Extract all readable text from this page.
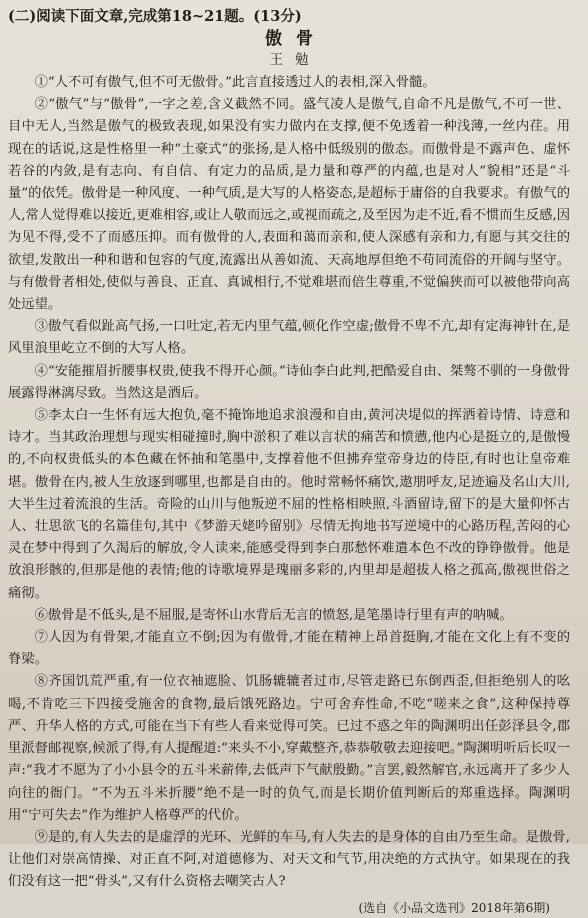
(二)阅读下面文章,完成第18~21题。(13分)
傲骨
王勉

①“人不可有傲气,但不可无傲骨。”此言直接透过人的表相,深入骨髓。

②“傲气”与“傲骨”,一字之差,含义截然不同。盛气凌人是傲气,自命不凡是傲气,不可一世、目中无人,当然是傲气的极致表现,如果没有实力做内在支撑,便不免透着一种浅薄,一丝内荏。用现在的话说,这是性格里一种“土豪式”的张扬,是人格中低级别的傲态。而傲骨是不露声色、虚怀若谷的内敛,是有志向、有自信、有定力的品质,是力量和尊严的内蕴,也是对人“貌相”还是“斗量”的依凭。傲骨是一种风度、一种气质,是大写的人格姿态,是超标于庸俗的自我要求。有傲气的人,常人觉得难以接近,更难相容,或让人敬而远之,或视而疏之,及至因为走不近,看不惯而生反感,因为见不得,受不了而感压抑。而有傲骨的人,表面和蔼而亲和,使人深感有亲和力,有愿与其交往的欲望,发散出一种和谐和包容的气度,流露出从善如流、天高地厚但绝不苟同流俗的开阔与坚守。与有傲骨者相处,使似与善良、正直、真诚相行,不觉难堪而倍生尊重,不觉偏狭而可以被他带向高处远望。

③傲气看似趾高气扬,一口吐定,若无内里气蕴,顿化作空虚;傲骨不卑不亢,却有定海神针在,是风里浪里屹立不倒的大写人格。

④“安能摧眉折腰事权贵,使我不得开心颜。”诗仙李白此判,把酷爱自由、桀骜不驯的一身傲骨展露得淋漓尽致。当然这是酒后。

⑤李太白一生怀有远大抱负,毫不掩饰地追求浪漫和自由,黄河决堤似的挥洒着诗情、诗意和诗才。当其政治理想与现实相碰撞时,胸中淤积了难以言状的痛苦和愤懑,他内心是挺立的,是傲慢的,不向权贵低头的本色藏在怀抽和笔墨中,支撑着他不但拂弃堂帝身边的侍臣,有时也让皇帝难堪。傲骨在内,被人生放逐到哪里,也都是自由的。他时常畅怀痛饮,遨朋呼友,足迹遍及名山大川,大半生过着流浪的生活。奇险的山川与他叛逆不屈的性格相映照,斗酒留诗,留下的是大量仰怀古人、壮思欲飞的名篇佳句,其中《梦游天姥吟留别》尽情无拘地书写逆境中的心路历程,苦闷的心灵在梦中得到了久渴后的解放,令人读来,能感受得到李白那愁怀难遣本色不改的铮铮傲骨。他是放浪形骸的,但那是他的表情;他的诗歌境界是瑰丽多彩的,内里却是超拔人格之孤高,傲视世俗之痛彻。

⑥傲骨是不低头,是不屈服,是寄怀山水背后无言的愤怒,是笔墨诗行里有声的呐喊。

⑦人因为有骨架,才能直立不倒;因为有傲骨,才能在精神上昂首挺胸,才能在文化上有不变的脊梁。

⑧齐国饥荒严重,有一位衣袖遮脸、饥肠辘辘者过市,尽管走路已东倒西歪,但拒绝别人的吆喝,不肯吃三下四接受施舍的食物,最后饿死路边。宁可舍弃性命,不吃“嗟来之食”,这种保持尊严、升华人格的方式,可能在当下有些人看来觉得可笑。已过不惑之年的陶渊明出任彭泽县令,郡里派督邮视察,候派了得,有人提醒道:“来头不小,穿戴整齐,恭恭敬敬去迎接吧。”陶渊明听后长叹一声:“我才不愿为了小小县令的五斗米薪俸,去低声下气献殷勤。”言罢,毅然解官,永远离开了多少人向往的衙门。“不为五斗米折腰”绝不是一时的负气,而是长期价值判断后的郑重选择。陶渊明用“宁可失去”作为维护人格尊严的代价。

⑨是的,有人失去的是虚浮的光环、光鲜的车马,有人失去的是身体的自由乃至生命。是傲骨,让他们对崇高情操、对正直不阿,对道德修为、对天文和气节,用决绝的方式执守。如果现在的我们没有这一把“骨头”,又有什么资格去嘲笑古人?

(选自《小品文选刊》2018年第6期)
